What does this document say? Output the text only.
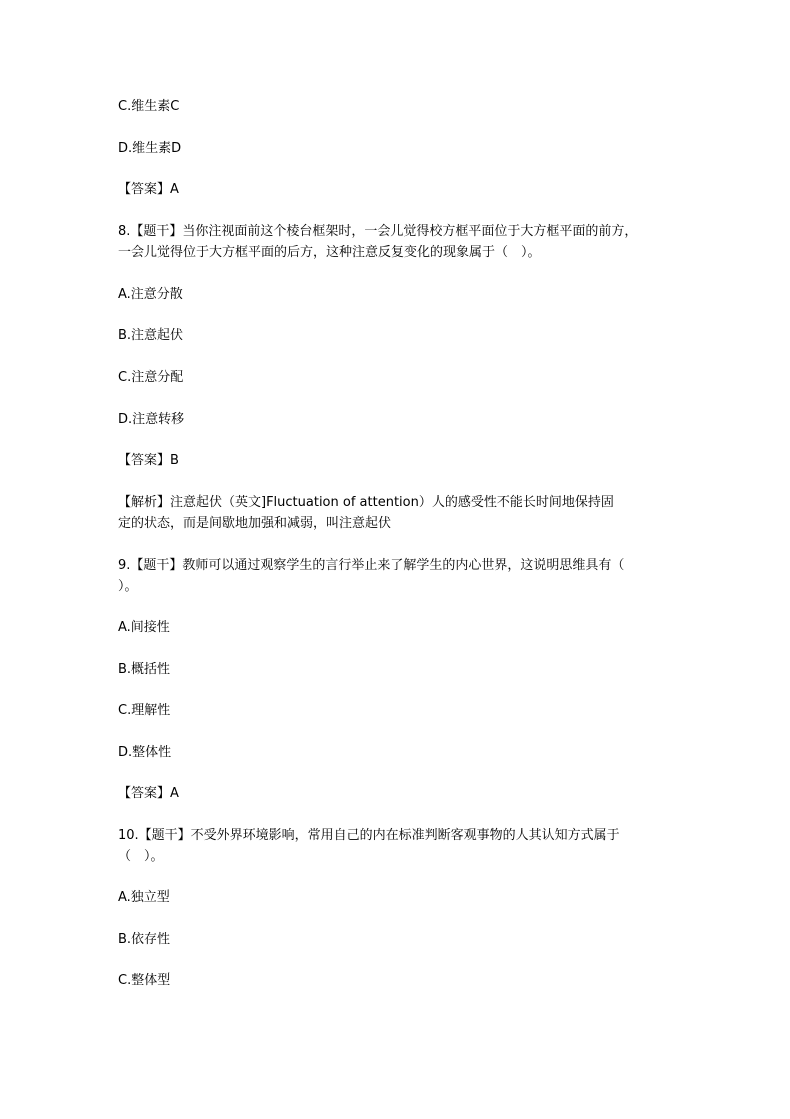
C.维生素C

D.维生素D

【答案】A

8.【题干】当你注视面前这个棱台框架时，一会儿觉得校方框平面位于大方框平面的前方，

一会儿觉得位于大方框平面的后方，这种注意反复变化的现象属于（　）。

A.注意分散

B.注意起伏

C.注意分配

D.注意转移

【答案】B

【解析】注意起伏（英文]Fluctuation of attention）人的感受性不能长时间地保持固

定的状态，而是间歇地加强和减弱，叫注意起伏

9.【题干】教师可以通过观察学生的言行举止来了解学生的内心世界，这说明思维具有（

）。

A.间接性

B.概括性

C.理解性

D.整体性

【答案】A

10.【题干】不受外界环境影响，常用自己的内在标准判断客观事物的人其认知方式属于

（　）。

A.独立型

B.依存性

C.整体型
